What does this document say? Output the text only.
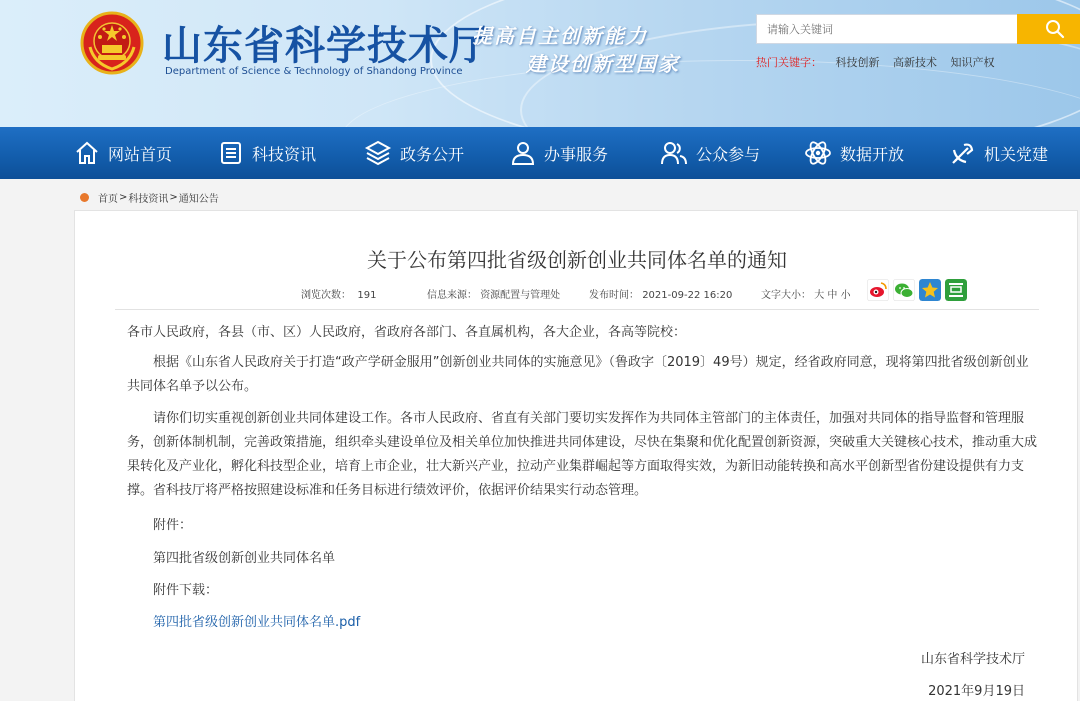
山东省科学技术厅
Department of Science & Technology of Shandong Province
提高自主创新能力
建设创新型国家
请输入关键词	热门关键字： 科技创新 高新技术 知识产权
网站首页	科技资讯	政务公开	办事服务	公众参与	数据开放	机关党建
首页 > 科技资讯 > 通知公告
关于公布第四批省级创新创业共同体名单的通知
浏览次数： 191	信息来源： 资源配置与管理处	发布时间： 2021-09-22 16:20	文字大小： 大 中 小
各市人民政府，各县（市、区）人民政府，省政府各部门、各直属机构，各大企业，各高等院校：
根据《山东省人民政府关于打造“政产学研金服用”创新创业共同体的实施意见》（鲁政字〔2019〕49号）规定，经省政府同意，现将第四批省级创新创业共同体名单予以公布。
请你们切实重视创新创业共同体建设工作。各市人民政府、省直有关部门要切实发挥作为共同体主管部门的主体责任，加强对共同体的指导监督和管理服务，创新体制机制，完善政策措施，组织牵头建设单位及相关单位加快推进共同体建设，尽快在集聚和优化配置创新资源，突破重大关键核心技术，推动重大成果转化及产业化，孵化科技型企业，培育上市企业，壮大新兴产业，拉动产业集群崛起等方面取得实效，为新旧动能转换和高水平创新型省份建设提供有力支撑。省科技厅将严格按照建设标准和任务目标进行绩效评价，依据评价结果实行动态管理。
附件：
第四批省级创新创业共同体名单
附件下载：
第四批省级创新创业共同体名单.pdf
山东省科学技术厅
2021年9月19日
